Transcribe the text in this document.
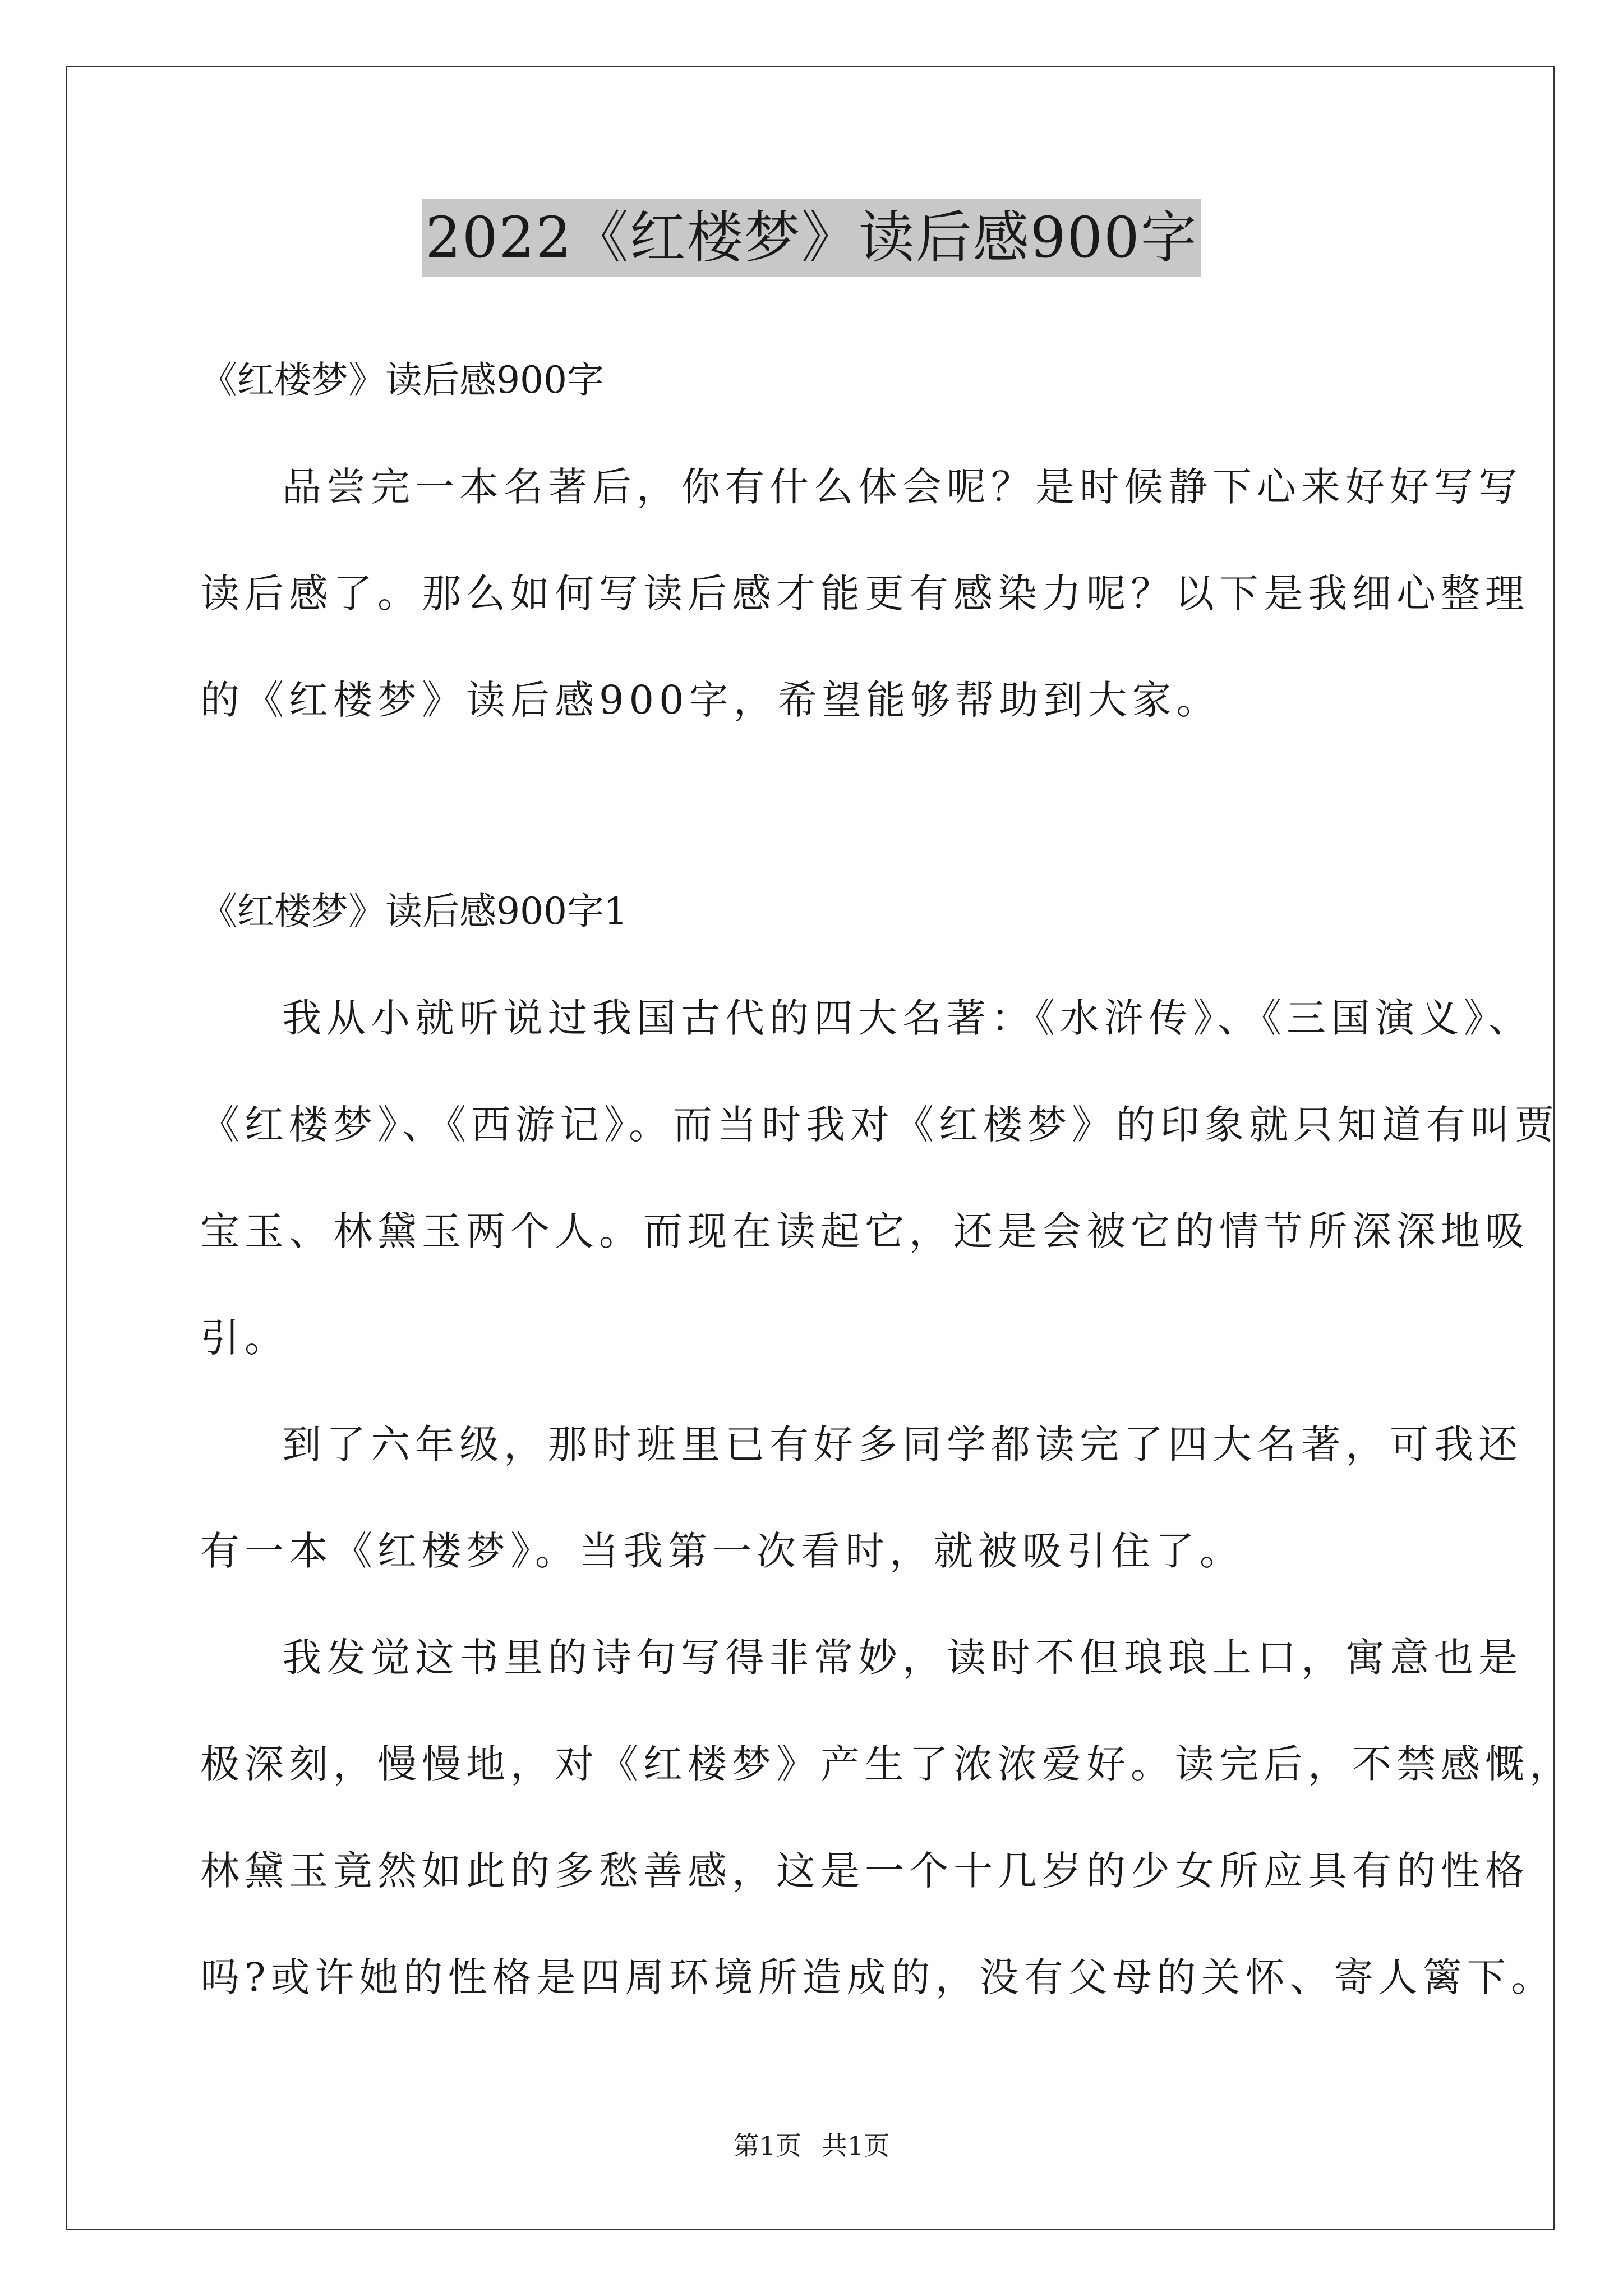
2022《红楼梦》读后感900字
《红楼梦》读后感900字
品尝完一本名著后，你有什么体会呢？是时候静下心来好好写写
读后感了。那么如何写读后感才能更有感染力呢？以下是我细心整理
的《红楼梦》读后感900字，希望能够帮助到大家。
《红楼梦》读后感900字1
我从小就听说过我国古代的四大名著：《水浒传》、《三国演义》、
《红楼梦》、《西游记》。而当时我对《红楼梦》的印象就只知道有叫贾
宝玉、林黛玉两个人。而现在读起它，还是会被它的情节所深深地吸
引。
到了六年级，那时班里已有好多同学都读完了四大名著，可我还
有一本《红楼梦》。当我第一次看时，就被吸引住了。
我发觉这书里的诗句写得非常妙，读时不但琅琅上口，寓意也是
极深刻，慢慢地，对《红楼梦》产生了浓浓爱好。读完后，不禁感慨，
林黛玉竟然如此的多愁善感，这是一个十几岁的少女所应具有的性格
吗?或许她的性格是四周环境所造成的，没有父母的关怀、寄人篱下。
第1页 共1页
